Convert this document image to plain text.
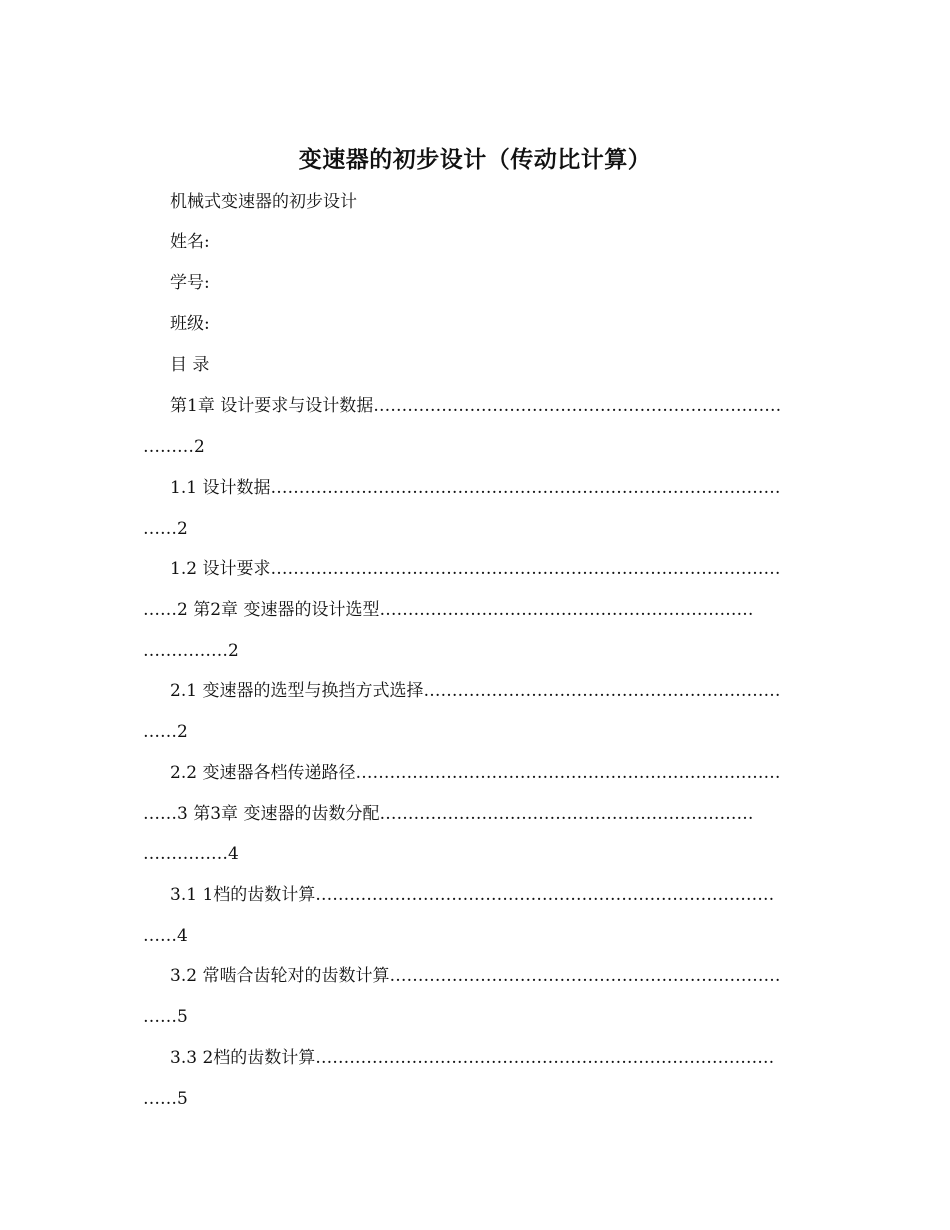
变速器的初步设计（传动比计算）
机械式变速器的初步设计
姓名:
学号:
班级:
目 录
第1章 设计要求与设计数据………………………………………………………………
………2
1.1 设计数据………………………………………………………………………………
……2
1.2 设计要求………………………………………………………………………………
……2 第2章 变速器的设计选型…………………………………………………………
……………2
2.1 变速器的选型与换挡方式选择………………………………………………………
……2
2.2 变速器各档传递路径…………………………………………………………………
……3 第3章 变速器的齿数分配…………………………………………………………
……………4
3.1 1档的齿数计算………………………………………………………………………
……4
3.2 常啮合齿轮对的齿数计算……………………………………………………………
……5
3.3 2档的齿数计算………………………………………………………………………
……5
